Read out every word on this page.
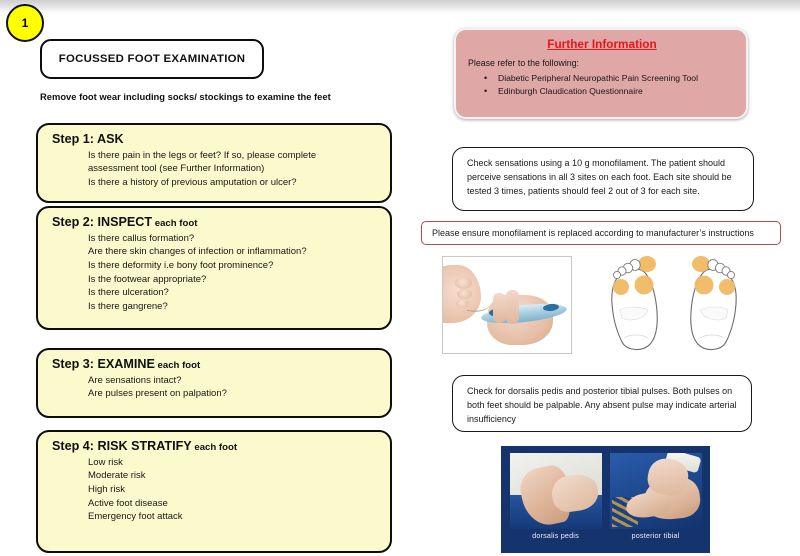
1
FOCUSSED FOOT EXAMINATION
Remove foot wear including socks/ stockings to examine the feet
Step 1: ASK
Is there pain in the legs or feet? If so, please complete
assessment tool (see Further Information)
Is there a history of previous amputation or ulcer?
Step 2: INSPECT each foot
Is there callus formation?
Are there skin changes of infection or inflammation?
Is there deformity i.e bony foot prominence?
Is the footwear appropriate?
Is there ulceration?
Is there gangrene?
Step 3: EXAMINE each foot
Are sensations intact?
Are pulses present on palpation?
Step 4: RISK STRATIFY each foot
Low risk
Moderate risk
High risk
Active foot disease
Emergency foot attack
Further Information
Please refer to the following:
• Diabetic Peripheral Neuropathic Pain Screening Tool
• Edinburgh Claudication Questionnaire

Check sensations using a 10 g monofilament. The patient should perceive sensations in all 3 sites on each foot. Each site should be tested 3 times, patients should feel 2 out of 3 for each site.

Please ensure monofilament is replaced according to manufacturer’s instructions

Check for dorsalis pedis and posterior tibial pulses. Both pulses on both feet should be palpable. Any absent pulse may indicate arterial insufficiency

dorsalis pedis	posterior tibial
